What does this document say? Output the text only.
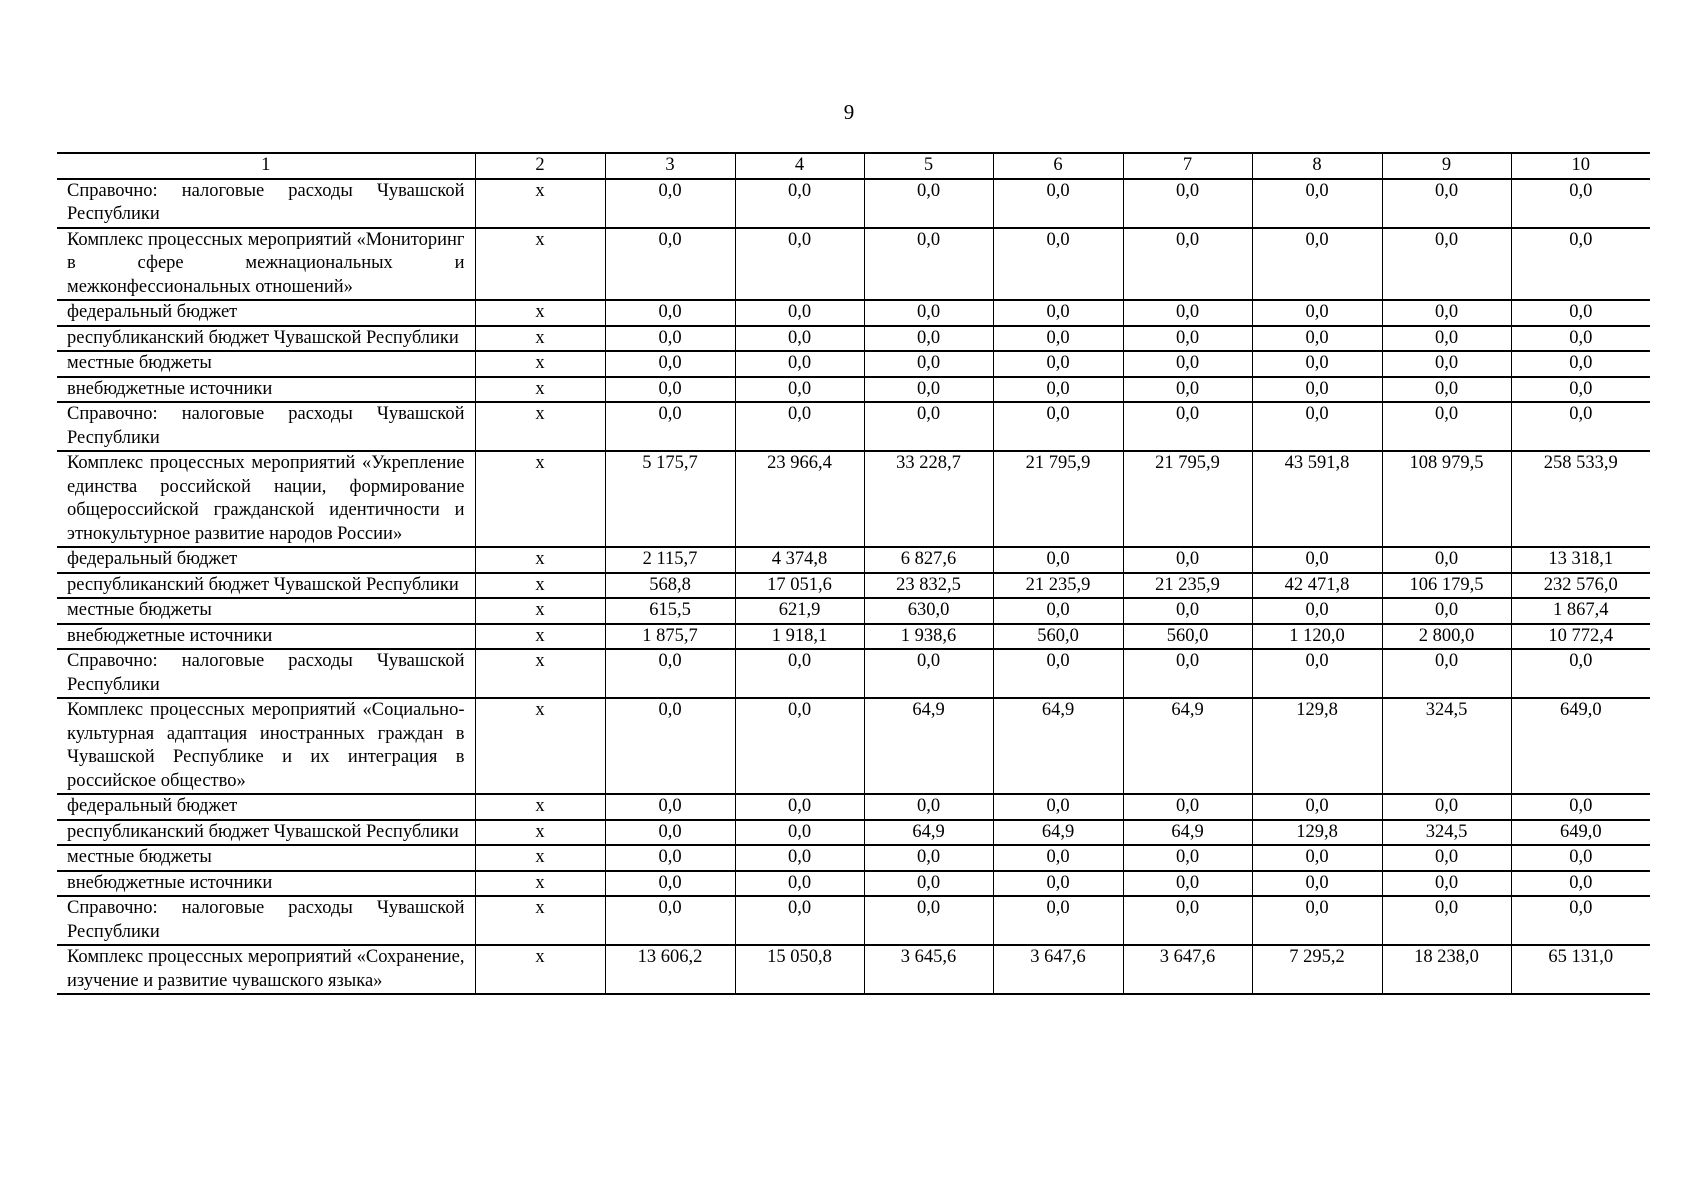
9
1	2	3	4	5	6	7	8	9	10
Справочно: налоговые расходы Чувашской Республики	х	0,0	0,0	0,0	0,0	0,0	0,0	0,0	0,0
Комплекс процессных мероприятий «Мониторинг в сфере межнациональных и межконфессиональных отношений»	х	0,0	0,0	0,0	0,0	0,0	0,0	0,0	0,0
федеральный бюджет	х	0,0	0,0	0,0	0,0	0,0	0,0	0,0	0,0
республиканский бюджет Чувашской Республики	х	0,0	0,0	0,0	0,0	0,0	0,0	0,0	0,0
местные бюджеты	х	0,0	0,0	0,0	0,0	0,0	0,0	0,0	0,0
внебюджетные источники	х	0,0	0,0	0,0	0,0	0,0	0,0	0,0	0,0
Справочно: налоговые расходы Чувашской Республики	х	0,0	0,0	0,0	0,0	0,0	0,0	0,0	0,0
Комплекс процессных мероприятий «Укрепление единства российской нации, формирование общероссийской гражданской идентичности и этнокультурное развитие народов России»	х	5 175,7	23 966,4	33 228,7	21 795,9	21 795,9	43 591,8	108 979,5	258 533,9
федеральный бюджет	х	2 115,7	4 374,8	6 827,6	0,0	0,0	0,0	0,0	13 318,1
республиканский бюджет Чувашской Республики	х	568,8	17 051,6	23 832,5	21 235,9	21 235,9	42 471,8	106 179,5	232 576,0
местные бюджеты	х	615,5	621,9	630,0	0,0	0,0	0,0	0,0	1 867,4
внебюджетные источники	х	1 875,7	1 918,1	1 938,6	560,0	560,0	1 120,0	2 800,0	10 772,4
Справочно: налоговые расходы Чувашской Республики	х	0,0	0,0	0,0	0,0	0,0	0,0	0,0	0,0
Комплекс процессных мероприятий «Социально-культурная адаптация иностранных граждан в Чувашской Республике и их интеграция в российское общество»	х	0,0	0,0	64,9	64,9	64,9	129,8	324,5	649,0
федеральный бюджет	х	0,0	0,0	0,0	0,0	0,0	0,0	0,0	0,0
республиканский бюджет Чувашской Республики	х	0,0	0,0	64,9	64,9	64,9	129,8	324,5	649,0
местные бюджеты	х	0,0	0,0	0,0	0,0	0,0	0,0	0,0	0,0
внебюджетные источники	х	0,0	0,0	0,0	0,0	0,0	0,0	0,0	0,0
Справочно: налоговые расходы Чувашской Республики	х	0,0	0,0	0,0	0,0	0,0	0,0	0,0	0,0
Комплекс процессных мероприятий «Сохранение, изучение и развитие чувашского языка»	х	13 606,2	15 050,8	3 645,6	3 647,6	3 647,6	7 295,2	18 238,0	65 131,0
